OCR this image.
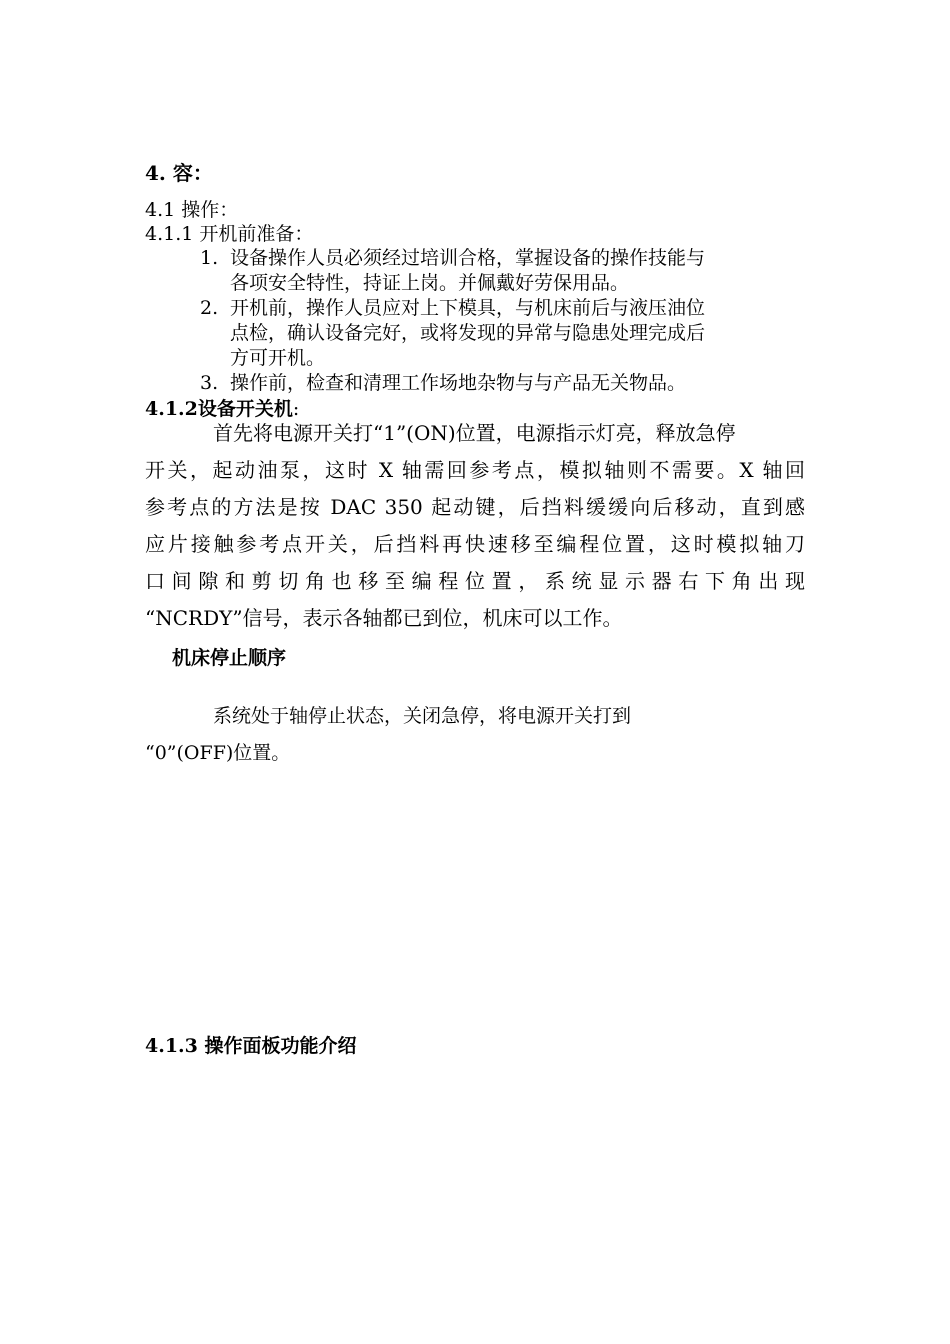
4. 容：
4.1 操作：
4.1.1 开机前准备：
1. 设备操作人员必须经过培训合格，掌握设备的操作技能与
各项安全特性，持证上岗。并佩戴好劳保用品。
2. 开机前，操作人员应对上下模具，与机床前后与液压油位
点检，确认设备完好，或将发现的异常与隐患处理完成后
方可开机。
3. 操作前，检查和清理工作场地杂物与与产品无关物品。
4.1.2设备开关机:
首先将电源开关打“1”(ON)位置，电源指示灯亮，释放急停
开关，起动油泵，这时 X 轴需回参考点，模拟轴则不需要。X 轴回
参考点的方法是按 DAC 350 起动键，后挡料缓缓向后移动，直到感
应片接触参考点开关，后挡料再快速移至编程位置，这时模拟轴刀
口间隙和剪切角也移至编程位置，系统显示器右下角出现
“NCRDY”信号，表示各轴都已到位，机床可以工作。
机床停止顺序
系统处于轴停止状态，关闭急停，将电源开关打到
“0”(OFF)位置。
4.1.3 操作面板功能介绍
